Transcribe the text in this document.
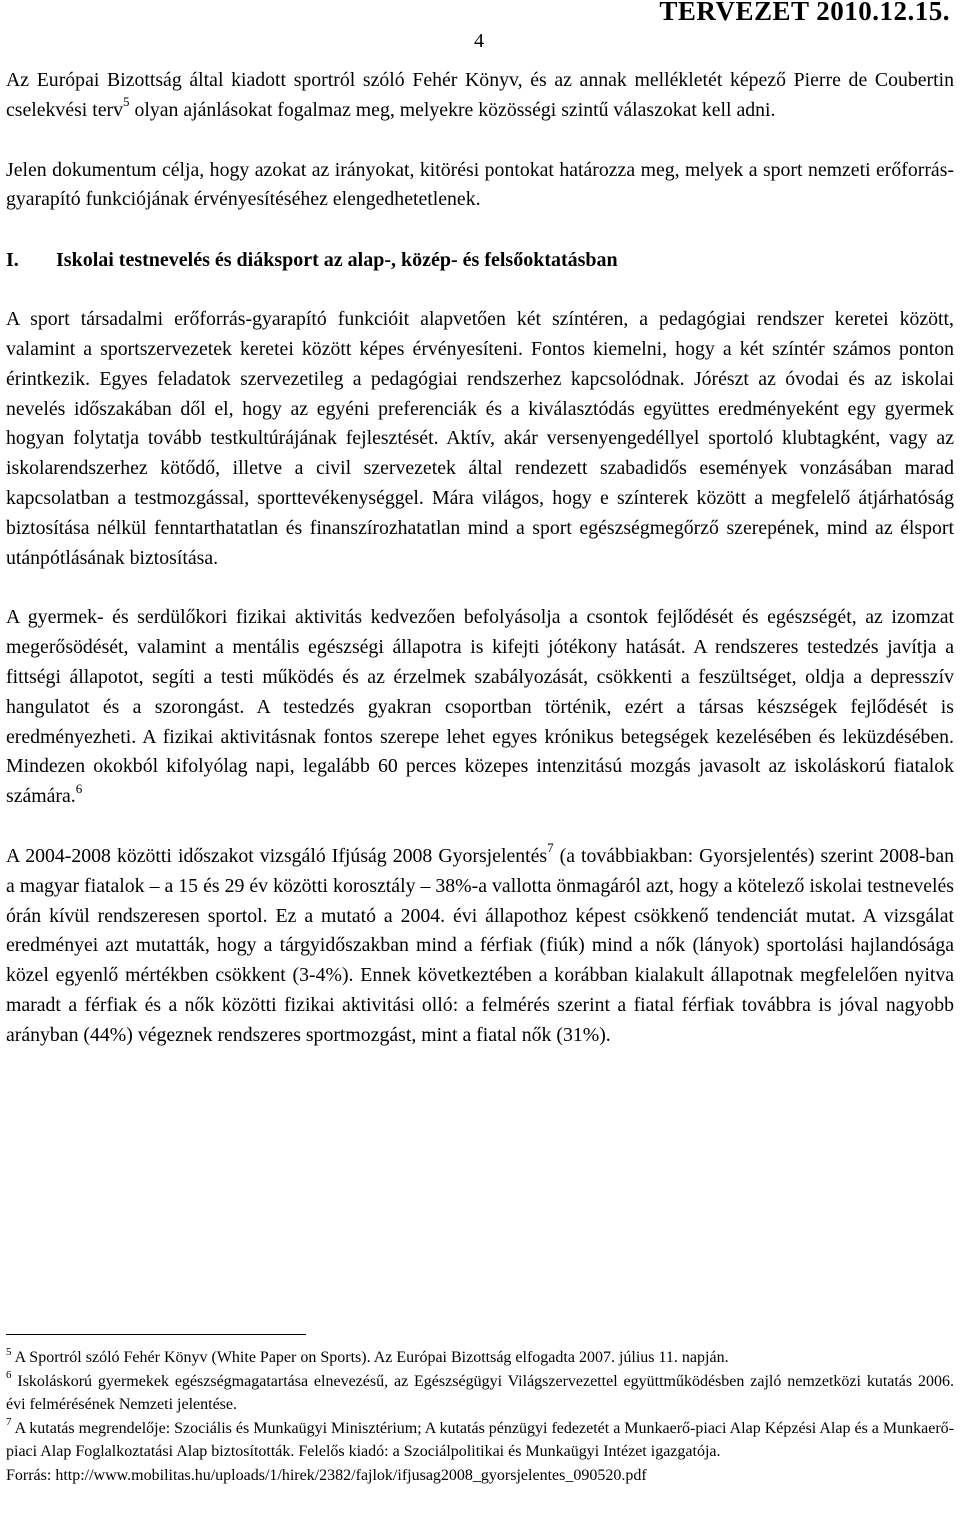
4
TERVEZET 2010.12.15.

Az Európai Bizottság által kiadott sportról szóló Fehér Könyv, és az annak mellékletét képező Pierre de Coubertin cselekvési terv$^5$ olyan ajánlásokat fogalmaz meg, melyekre közösségi szintű válaszokat kell adni.

Jelen dokumentum célja, hogy azokat az irányokat, kitörési pontokat határozza meg, melyek a sport nemzeti erőforrás-gyarapító funkciójának érvényesítéséhez elengedhetetlenek.

I. Iskolai testnevelés és diáksport az alap-, közép- és felsőoktatásban

A sport társadalmi erőforrás-gyarapító funkcióit alapvetően két színtéren, a pedagógiai rendszer keretei között, valamint a sportszervezetek keretei között képes érvényesíteni. Fontos kiemelni, hogy a két színtér számos ponton érintkezik. Egyes feladatok szervezetileg a pedagógiai rendszerhez kapcsolódnak. Jórészt az óvodai és az iskolai nevelés időszakában dől el, hogy az egyéni preferenciák és a kiválasztódás együttes eredményeként egy gyermek hogyan folytatja tovább testkultúrájának fejlesztését. Aktív, akár versenyengedéllyel sportoló klubtagként, vagy az iskolarendszerhez kötődő, illetve a civil szervezetek által rendezett szabadidős események vonzásában marad kapcsolatban a testmozgással, sporttevékenységgel. Mára világos, hogy e színterek között a megfelelő átjárhatóság biztosítása nélkül fenntarthatatlan és finanszírozhatatlan mind a sport egészségmegőrző szerepének, mind az élsport utánpótlásának biztosítása.

A gyermek- és serdülőkori fizikai aktivitás kedvezően befolyásolja a csontok fejlődését és egészségét, az izomzat megerősödését, valamint a mentális egészségi állapotra is kifejti jótékony hatását. A rendszeres testedzés javítja a fittségi állapotot, segíti a testi működés és az érzelmek szabályozását, csökkenti a feszültséget, oldja a depresszív hangulatot és a szorongást. A testedzés gyakran csoportban történik, ezért a társas készségek fejlődését is eredményezheti. A fizikai aktivitásnak fontos szerepe lehet egyes krónikus betegségek kezelésében és leküzdésében. Mindezen okokból kifolyólag napi, legalább 60 perces közepes intenzitású mozgás javasolt az iskoláskorú fiatalok számára.$^6$

A 2004-2008 közötti időszakot vizsgáló Ifjúság 2008 Gyorsjelentés$^7$ (a továbbiakban: Gyorsjelentés) szerint 2008-ban a magyar fiatalok – a 15 és 29 év közötti korosztály – 38%-a vallotta önmagáról azt, hogy a kötelező iskolai testnevelés órán kívül rendszeresen sportol. Ez a mutató a 2004. évi állapothoz képest csökkenő tendenciát mutat. A vizsgálat eredményei azt mutatták, hogy a tárgyidőszakban mind a férfiak (fiúk) mind a nők (lányok) sportolási hajlandósága közel egyenlő mértékben csökkent (3-4%). Ennek következtében a korábban kialakult állapotnak megfelelően nyitva maradt a férfiak és a nők közötti fizikai aktivitási olló: a felmérés szerint a fiatal férfiak továbbra is jóval nagyobb arányban (44%) végeznek rendszeres sportmozgást, mint a fiatal nők (31%).

$^5$ A Sportról szóló Fehér Könyv (White Paper on Sports). Az Európai Bizottság elfogadta 2007. július 11. napján.

$^6$ Iskoláskorú gyermekek egészségmagatartása elnevezésű, az Egészségügyi Világszervezettel együttműködésben zajló nemzetközi kutatás 2006. évi felmérésének Nemzeti jelentése.

$^7$ A kutatás megrendelője: Szociális és Munkaügyi Minisztérium; A kutatás pénzügyi fedezetét a Munkaerő-piaci Alap Képzési Alap és a Munkaerő-piaci Alap Foglalkoztatási Alap biztosították. Felelős kiadó: a Szociálpolitikai és Munkaügyi Intézet igazgatója.

Forrás: http://www.mobilitas.hu/uploads/1/hirek/2382/fajlok/ifjusag2008_gyorsjelentes_090520.pdf
